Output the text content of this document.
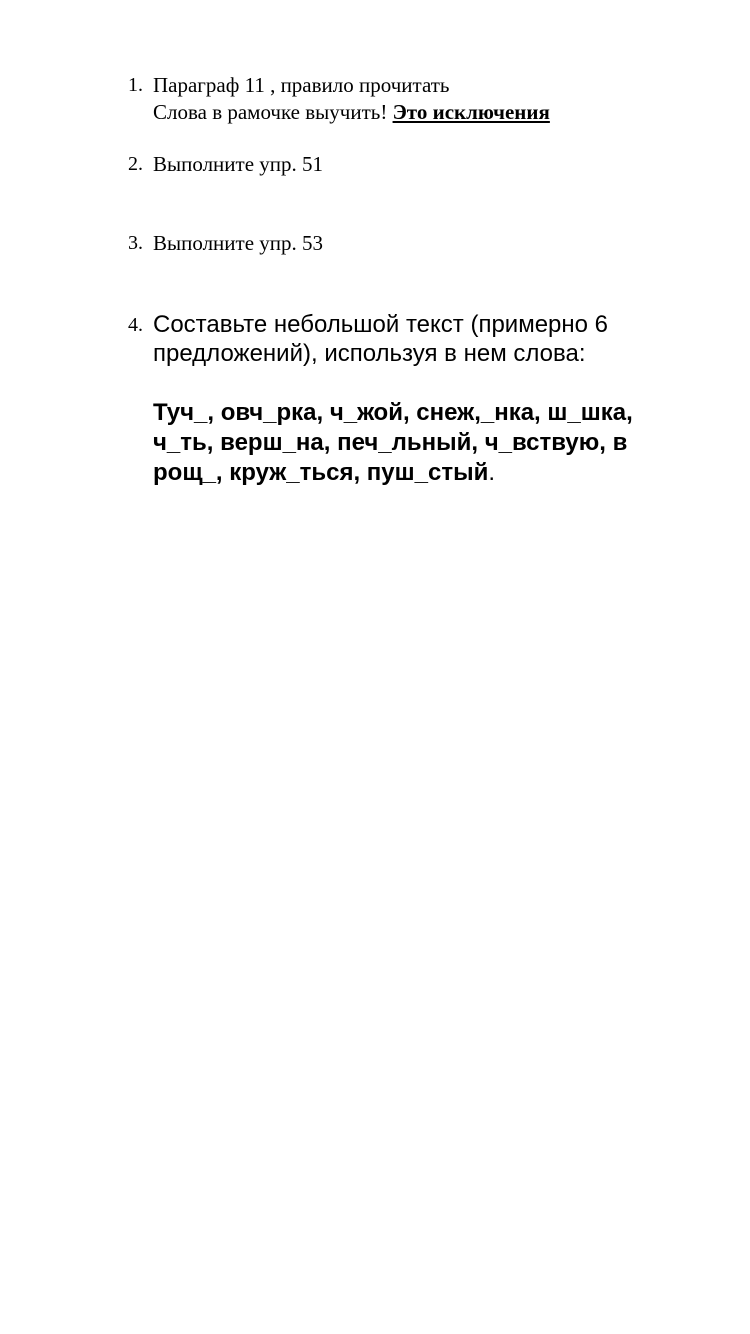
1. Параграф 11 , правило прочитать
Слова в рамочке выучить! Это исключения
2. Выполните упр. 51
3. Выполните упр. 53
4. Составьте небольшой текст (примерно 6 предложений), используя в нем слова:
Туч_, овч_рка, ч_жой, снеж,_нка, ш_шка, ч_ть, верш_на, печ_льный, ч_вствую, в рощ_, круж_ться, пуш_стый.
